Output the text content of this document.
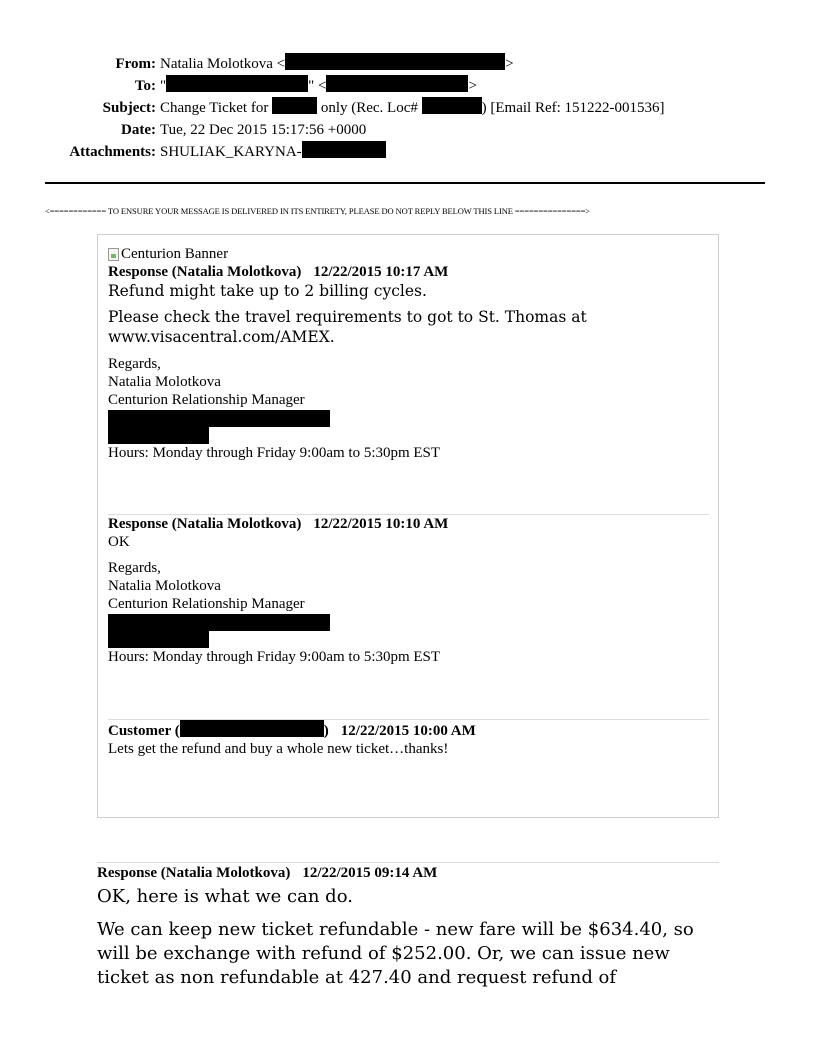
From: Natalia Molotkova <	>
To: "	" <	>
Subject: Change Ticket for	only (Rec. Loc#	) [Email Ref: 151222-001536]
Date: Tue, 22 Dec 2015 15:17:56 +0000
Attachments: SHULIAK_KARYNA-
<============ TO ENSURE YOUR MESSAGE IS DELIVERED IN ITS ENTIRETY, PLEASE DO NOT REPLY BELOW THIS LINE ===============>
Centurion Banner
Response (Natalia Molotkova) 12/22/2015 10:17 AM
Refund might take up to 2 billing cycles.
Please check the travel requirements to got to St. Thomas at www.visacentral.com/AMEX.
Regards,
Natalia Molotkova
Centurion Relationship Manager
Hours: Monday through Friday 9:00am to 5:30pm EST
Response (Natalia Molotkova) 12/22/2015 10:10 AM
OK
Regards,
Natalia Molotkova
Centurion Relationship Manager
Hours: Monday through Friday 9:00am to 5:30pm EST
Customer (	) 12/22/2015 10:00 AM
Lets get the refund and buy a whole new ticket…thanks!
Response (Natalia Molotkova) 12/22/2015 09:14 AM
OK, here is what we can do.
We can keep new ticket refundable - new fare will be $634.40, so will be exchange with refund of $252.00. Or, we can issue new ticket as non refundable at 427.40 and request refund of
